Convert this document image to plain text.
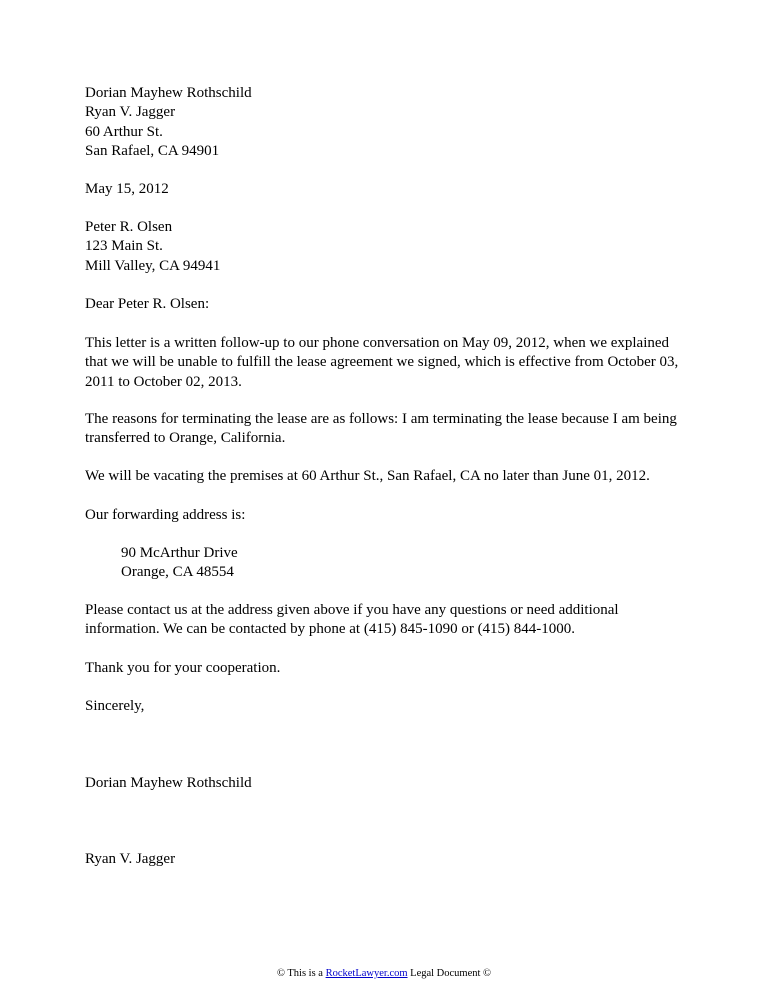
Dorian Mayhew Rothschild
Ryan V. Jagger
60 Arthur St.
San Rafael, CA 94901
May 15, 2012
Peter R. Olsen
123 Main St.
Mill Valley, CA 94941
Dear Peter R. Olsen:
This letter is a written follow-up to our phone conversation on May 09, 2012, when we explained
that we will be unable to fulfill the lease agreement we signed, which is effective from October 03,
2011 to October 02, 2013.
The reasons for terminating the lease are as follows: I am terminating the lease because I am being
transferred to Orange, California.
We will be vacating the premises at 60 Arthur St., San Rafael, CA no later than June 01, 2012.
Our forwarding address is:
90 McArthur Drive
Orange, CA 48554
Please contact us at the address given above if you have any questions or need additional
information. We can be contacted by phone at (415) 845-1090 or (415) 844-1000.
Thank you for your cooperation.
Sincerely,
Dorian Mayhew Rothschild
Ryan V. Jagger
© This is a RocketLawyer.com Legal Document ©
